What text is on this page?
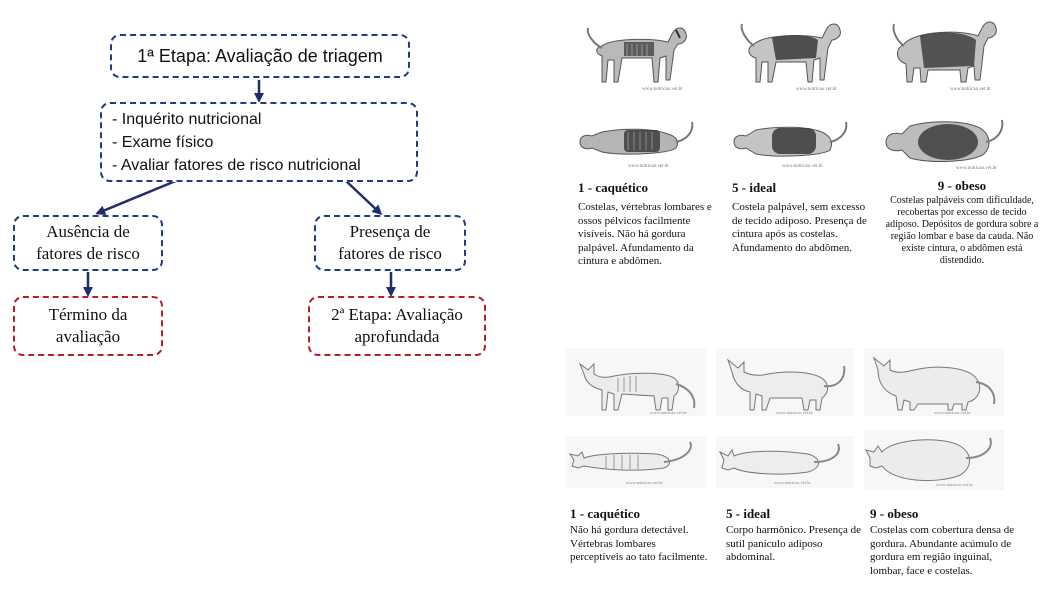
1ª Etapa: Avaliação de triagem
- Inquérito nutricional
- Exame físico
- Avaliar fatores de risco nutricional
Ausência de
fatores de risco
Presença de
fatores de risco
Término da
avaliação
2ª Etapa: Avaliação
aprofundada
www.nutricao.vet.br	www.nutricao.vet.br	www.nutricao.vet.br
www.nutricao.vet.br	www.nutricao.vet.br	www.nutricao.vet.br
1 - caquético
Costelas, vértebras lombares e ossos pélvicos facilmente visíveis. Não há gordura palpável. Afundamento da cintura e abdômen.
5 - ideal
Costela palpável, sem excesso de tecido adiposo. Presença de cintura após as costelas. Afundamento do abdômen.
9 - obeso
Costelas palpáveis com dificuldade, recobertas por excesso de tecido adiposo. Depósitos de gordura sobre a região lombar e base da cauda. Não existe cintura, o abdômen está distendido.
www.nutricao.vet.br	www.nutricao.vet.br	www.nutricao.vet.br
www.nutricao.vet.br	www.nutricao.vet.br	www.nutricao.vet.br
1 - caquético
Não há gordura detectável. Vértebras lombares perceptíveis ao tato facilmente.
5 - ideal
Corpo harmônico. Presença de sutil panículo adiposo abdominal.
9 - obeso
Costelas com cobertura densa de gordura. Abundante acúmulo de gordura em região inguinal, lombar, face e costelas.
